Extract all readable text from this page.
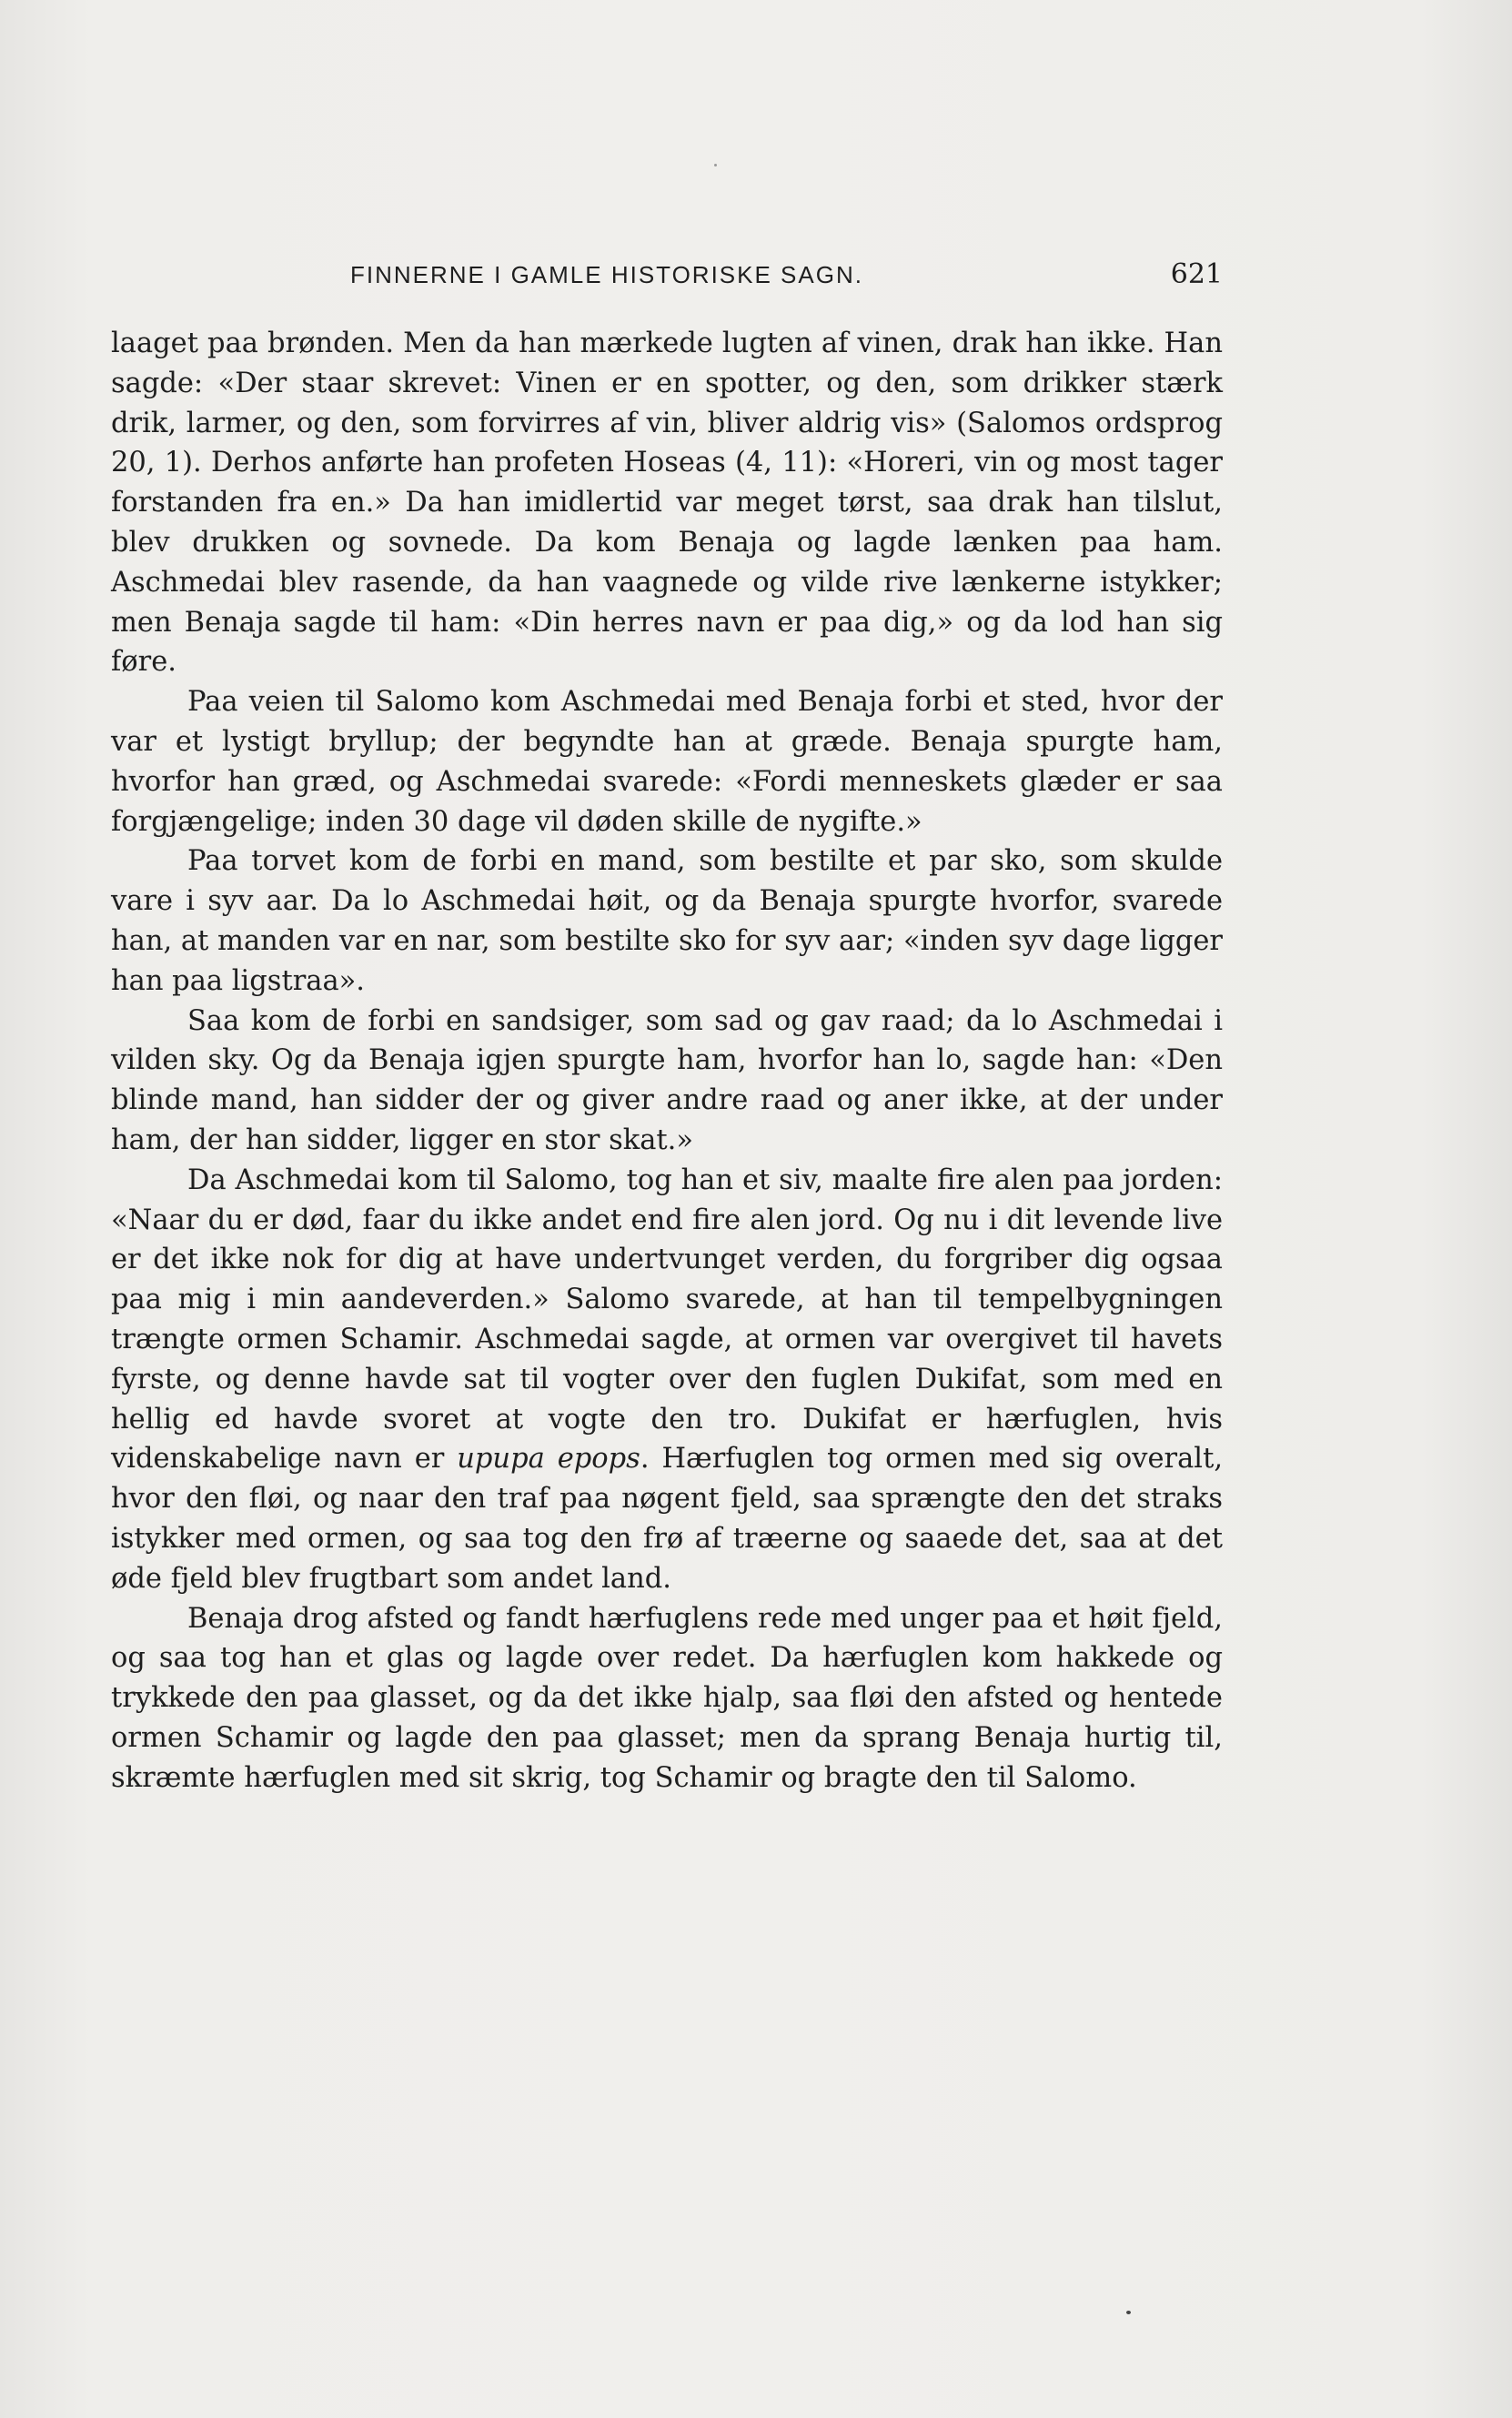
FINNERNE I GAMLE HISTORISKE SAGN.	621

laaget paa brønden. Men da han mærkede lugten af vinen, drak han ikke. Han sagde: «Der staar skrevet: Vinen er en spotter, og den, som drikker stærk drik, larmer, og den, som forvirres af vin, bliver aldrig vis» (Salomos ordsprog 20, 1). Derhos anførte han profeten Hoseas (4, 11): «Horeri, vin og most tager forstanden fra en.» Da han imidlertid var meget tørst, saa drak han tilslut, blev drukken og sovnede. Da kom Benaja og lagde lænken paa ham. Aschmedai blev rasende, da han vaagnede og vilde rive lænkerne istykker; men Benaja sagde til ham: «Din herres navn er paa dig,» og da lod han sig føre.

Paa veien til Salomo kom Aschmedai med Benaja forbi et sted, hvor der var et lystigt bryllup; der begyndte han at græde. Benaja spurgte ham, hvorfor han græd, og Aschmedai svarede: «Fordi menneskets glæder er saa forgjængelige; inden 30 dage vil døden skille de nygifte.»

Paa torvet kom de forbi en mand, som bestilte et par sko, som skulde vare i syv aar. Da lo Aschmedai høit, og da Benaja spurgte hvorfor, svarede han, at manden var en nar, som bestilte sko for syv aar; «inden syv dage ligger han paa ligstraa».

Saa kom de forbi en sandsiger, som sad og gav raad; da lo Aschmedai i vilden sky. Og da Benaja igjen spurgte ham, hvorfor han lo, sagde han: «Den blinde mand, han sidder der og giver andre raad og aner ikke, at der under ham, der han sidder, ligger en stor skat.»

Da Aschmedai kom til Salomo, tog han et siv, maalte fire alen paa jorden: «Naar du er død, faar du ikke andet end fire alen jord. Og nu i dit levende live er det ikke nok for dig at have undertvunget verden, du forgriber dig ogsaa paa mig i min aandeverden.» Salomo svarede, at han til tempelbygningen trængte ormen Schamir. Aschmedai sagde, at ormen var overgivet til havets fyrste, og denne havde sat til vogter over den fuglen Dukifat, som med en hellig ed havde svoret at vogte den tro. Dukifat er hærfuglen, hvis videnskabelige navn er upupa epops. Hærfuglen tog ormen med sig overalt, hvor den fløi, og naar den traf paa nøgent fjeld, saa sprængte den det straks istykker med ormen, og saa tog den frø af træerne og saaede det, saa at det øde fjeld blev frugtbart som andet land.

Benaja drog afsted og fandt hærfuglens rede med unger paa et høit fjeld, og saa tog han et glas og lagde over redet. Da hærfuglen kom hakkede og trykkede den paa glasset, og da det ikke hjalp, saa fløi den afsted og hentede ormen Schamir og lagde den paa glasset; men da sprang Benaja hurtig til, skræmte hærfuglen med sit skrig, tog Schamir og bragte den til Salomo.
